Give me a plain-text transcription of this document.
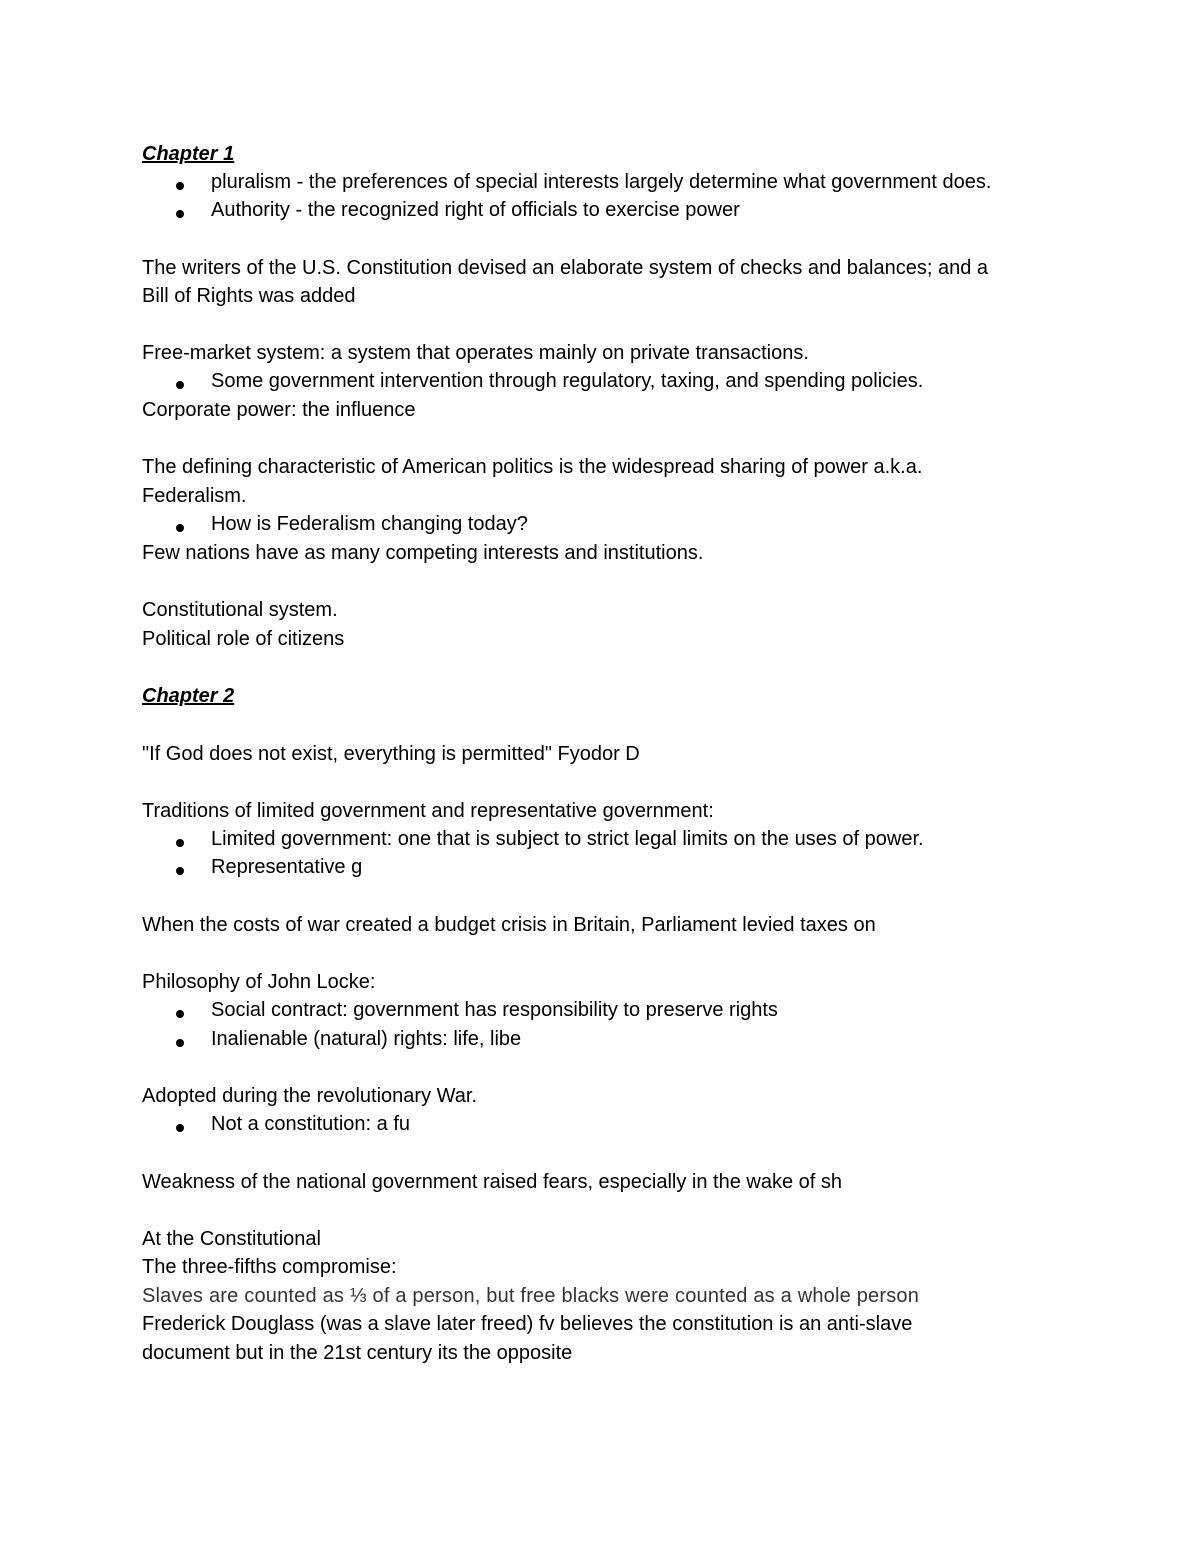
Chapter 1
pluralism - the preferences of special interests largely determine what government does.
Authority - the recognized right of officials to exercise power
The writers of the U.S. Constitution devised an elaborate system of checks and balances; and a
Bill of Rights was added
Free-market system: a system that operates mainly on private transactions.
Some government intervention through regulatory, taxing, and spending policies.
Corporate power: the influence
The defining characteristic of American politics is the widespread sharing of power a.k.a.
Federalism.
How is Federalism changing today?
Few nations have as many competing interests and institutions.
Constitutional system.
Political role of citizens
Chapter 2
"If God does not exist, everything is permitted" Fyodor D
Traditions of limited government and representative government:
Limited government: one that is subject to strict legal limits on the uses of power.
Representative g
When the costs of war created a budget crisis in Britain, Parliament levied taxes on
Philosophy of John Locke:
Social contract: government has responsibility to preserve rights
Inalienable (natural) rights: life, libe
Adopted during the revolutionary War.
Not a constitution: a fu
Weakness of the national government raised fears, especially in the wake of sh
At the Constitutional
The three-fifths compromise:
Slaves are counted as ⅓ of a person, but free blacks were counted as a whole person
Frederick Douglass (was a slave later freed) fv believes the constitution is an anti-slave
document but in the 21st century its the opposite
